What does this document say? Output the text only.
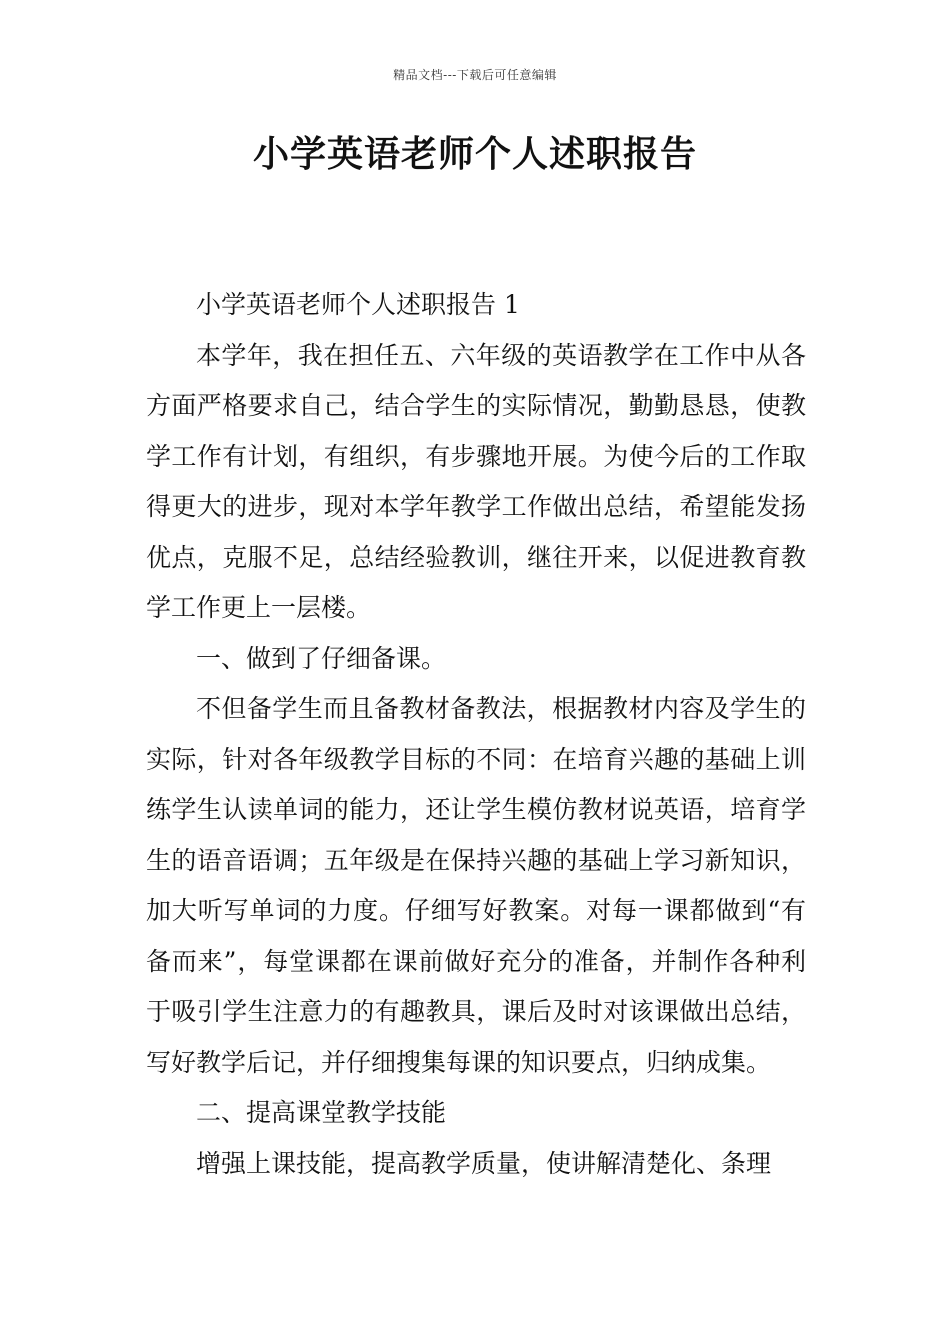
精品文档---下载后可任意编辑
小学英语老师个人述职报告

小学英语老师个人述职报告 1

本学年，我在担任五、六年级的英语教学在工作中从各方面严格要求自己，结合学生的实际情况，勤勤恳恳，使教学工作有计划，有组织，有步骤地开展。为使今后的工作取得更大的进步，现对本学年教学工作做出总结，希望能发扬优点，克服不足，总结经验教训，继往开来，以促进教育教学工作更上一层楼。

一、做到了仔细备课。

不但备学生而且备教材备教法，根据教材内容及学生的实际，针对各年级教学目标的不同：在培育兴趣的基础上训练学生认读单词的能力，还让学生模仿教材说英语，培育学生的语音语调；五年级是在保持兴趣的基础上学习新知识，加大听写单词的力度。仔细写好教案。对每一课都做到“有备而来”，每堂课都在课前做好充分的准备，并制作各种利于吸引学生注意力的有趣教具，课后及时对该课做出总结，写好教学后记，并仔细搜集每课的知识要点，归纳成集。

二、提高课堂教学技能

增强上课技能，提高教学质量，使讲解清楚化、条理
